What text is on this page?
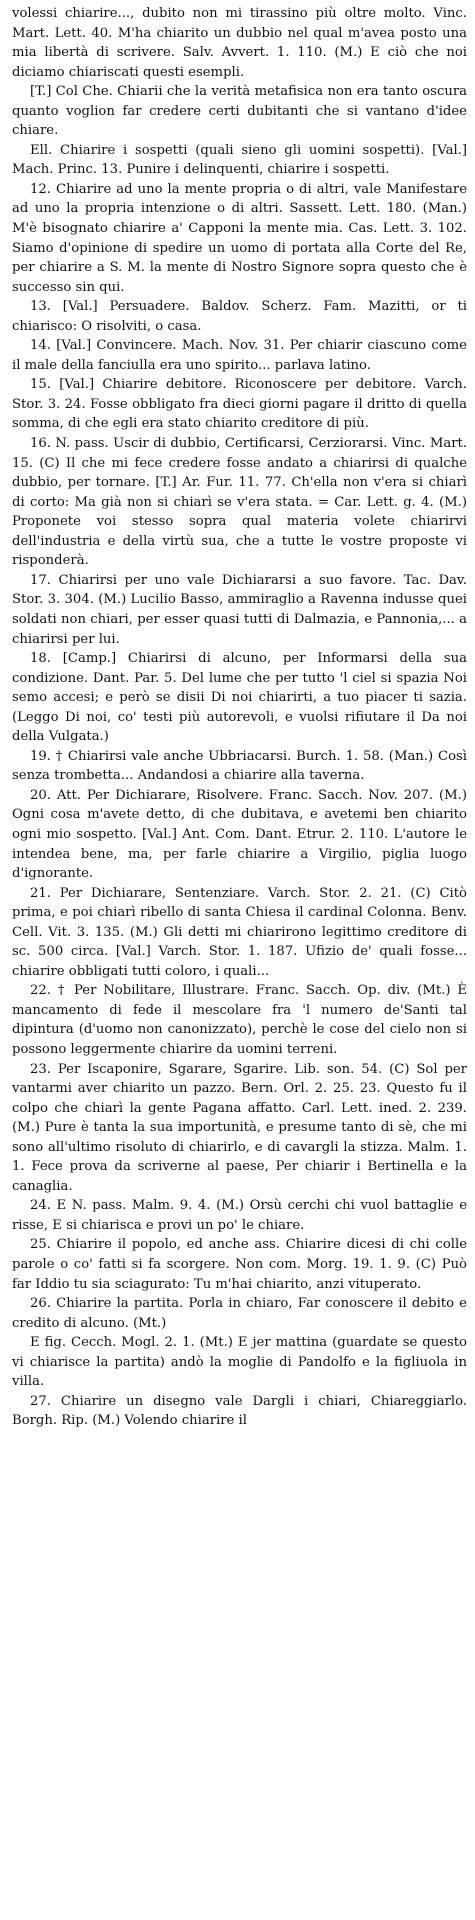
volessi chiarire..., dubito non mi tirassino più oltre molto. Vinc. Mart. Lett. 40. M'ha chiarito un dubbio nel qual m'avea posto una mia libertà di scrivere. Salv. Avvert. 1. 110. (M.) E ciò che noi diciamo chiariscati questi esempli.

[T.] Col Che. Chiarii che la verità metafisica non era tanto oscura quanto voglion far credere certi dubitanti che si vantano d'idee chiare.

Ell. Chiarire i sospetti (quali sieno gli uomini sospetti). [Val.] Mach. Princ. 13. Punire i delinquenti, chiarire i sospetti.

12. Chiarire ad uno la mente propria o di altri, vale Manifestare ad uno la propria intenzione o di altri. Sassett. Lett. 180. (Man.) M'è bisognato chiarire a' Capponi la mente mia. Cas. Lett. 3. 102. Siamo d'opinione di spedire un uomo di portata alla Corte del Re, per chiarire a S. M. la mente di Nostro Signore sopra questo che è successo sin qui.

13. [Val.] Persuadere. Baldov. Scherz. Fam. Mazitti, or ti chiarisco: O risolviti, o casa.

14. [Val.] Convincere. Mach. Nov. 31. Per chiarir ciascuno come il male della fanciulla era uno spirito... parlava latino.

15. [Val.] Chiarire debitore. Riconoscere per debitore. Varch. Stor. 3. 24. Fosse obbligato fra dieci giorni pagare il dritto di quella somma, di che egli era stato chiarito creditore di più.

16. N. pass. Uscir di dubbio, Certificarsi, Cerziorarsi. Vinc. Mart. 15. (C) Il che mi fece credere fosse andato a chiarirsi di qualche dubbio, per tornare. [T.] Ar. Fur. 11. 77. Ch'ella non v'era si chiarì di corto: Ma già non si chiarì se v'era stata. = Car. Lett. g. 4. (M.) Proponete voi stesso sopra qual materia volete chiarirvi dell'industria e della virtù sua, che a tutte le vostre proposte vi risponderà.

17. Chiarirsi per uno vale Dichiararsi a suo favore. Tac. Dav. Stor. 3. 304. (M.) Lucilio Basso, ammiraglio a Ravenna indusse quei soldati non chiari, per esser quasi tutti di Dalmazia, e Pannonia,... a chiarirsi per lui.

18. [Camp.] Chiarirsi di alcuno, per Informarsi della sua condizione. Dant. Par. 5. Del lume che per tutto 'l ciel si spazia Noi semo accesi; e però se disii Di noi chiarirti, a tuo piacer ti sazia. (Leggo Di noi, co' testi più autorevoli, e vuolsi rifiutare il Da noi della Vulgata.)

19. † Chiarirsi vale anche Ubbriacarsi. Burch. 1. 58. (Man.) Così senza trombetta... Andandosi a chiarire alla taverna.

20. Att. Per Dichiarare, Risolvere. Franc. Sacch. Nov. 207. (M.) Ogni cosa m'avete detto, di che dubitava, e avetemi ben chiarito ogni mio sospetto. [Val.] Ant. Com. Dant. Etrur. 2. 110. L'autore le intendea bene, ma, per farle chiarire a Virgilio, piglia luogo d'ignorante.

21. Per Dichiarare, Sentenziare. Varch. Stor. 2. 21. (C) Citò prima, e poi chiarì ribello di santa Chiesa il cardinal Colonna. Benv. Cell. Vit. 3. 135. (M.) Gli detti mi chiarirono legittimo creditore di sc. 500 circa. [Val.] Varch. Stor. 1. 187. Ufizio de' quali fosse... chiarire obbligati tutti coloro, i quali...

22. † Per Nobilitare, Illustrare. Franc. Sacch. Op. div. (Mt.) È mancamento di fede il mescolare fra 'l numero de'Santi tal dipintura (d'uomo non canonizzato), perchè le cose del cielo non si possono leggermente chiarire da uomini terreni.

23. Per Iscaponire, Sgarare, Sgarire. Lib. son. 54. (C) Sol per vantarmi aver chiarito un pazzo. Bern. Orl. 2. 25. 23. Questo fu il colpo che chiarì la gente Pagana affatto. Carl. Lett. ined. 2. 239. (M.) Pure è tanta la sua importunità, e presume tanto di sè, che mi sono all'ultimo risoluto di chiarirlo, e di cavargli la stizza. Malm. 1. 1. Fece prova da scriverne al paese, Per chiarir i Bertinella e la canaglia.

24. E N. pass. Malm. 9. 4. (M.) Orsù cerchi chi vuol battaglie e risse, E si chiarisca e provi un po' le chiare.

25. Chiarire il popolo, ed anche ass. Chiarire dicesi di chi colle parole o co' fatti si fa scorgere. Non com. Morg. 19. 1. 9. (C) Può far Iddio tu sia sciagurato: Tu m'hai chiarito, anzi vituperato.

26. Chiarire la partita. Porla in chiaro, Far conoscere il debito e credito di alcuno. (Mt.)

E fig. Cecch. Mogl. 2. 1. (Mt.) E jer mattina (guardate se questo vi chiarisce la partita) andò la moglie di Pandolfo e la figliuola in villa.

27. Chiarire un disegno vale Dargli i chiari, Chiareggiarlo. Borgh. Rip. (M.) Volendo chiarire il
